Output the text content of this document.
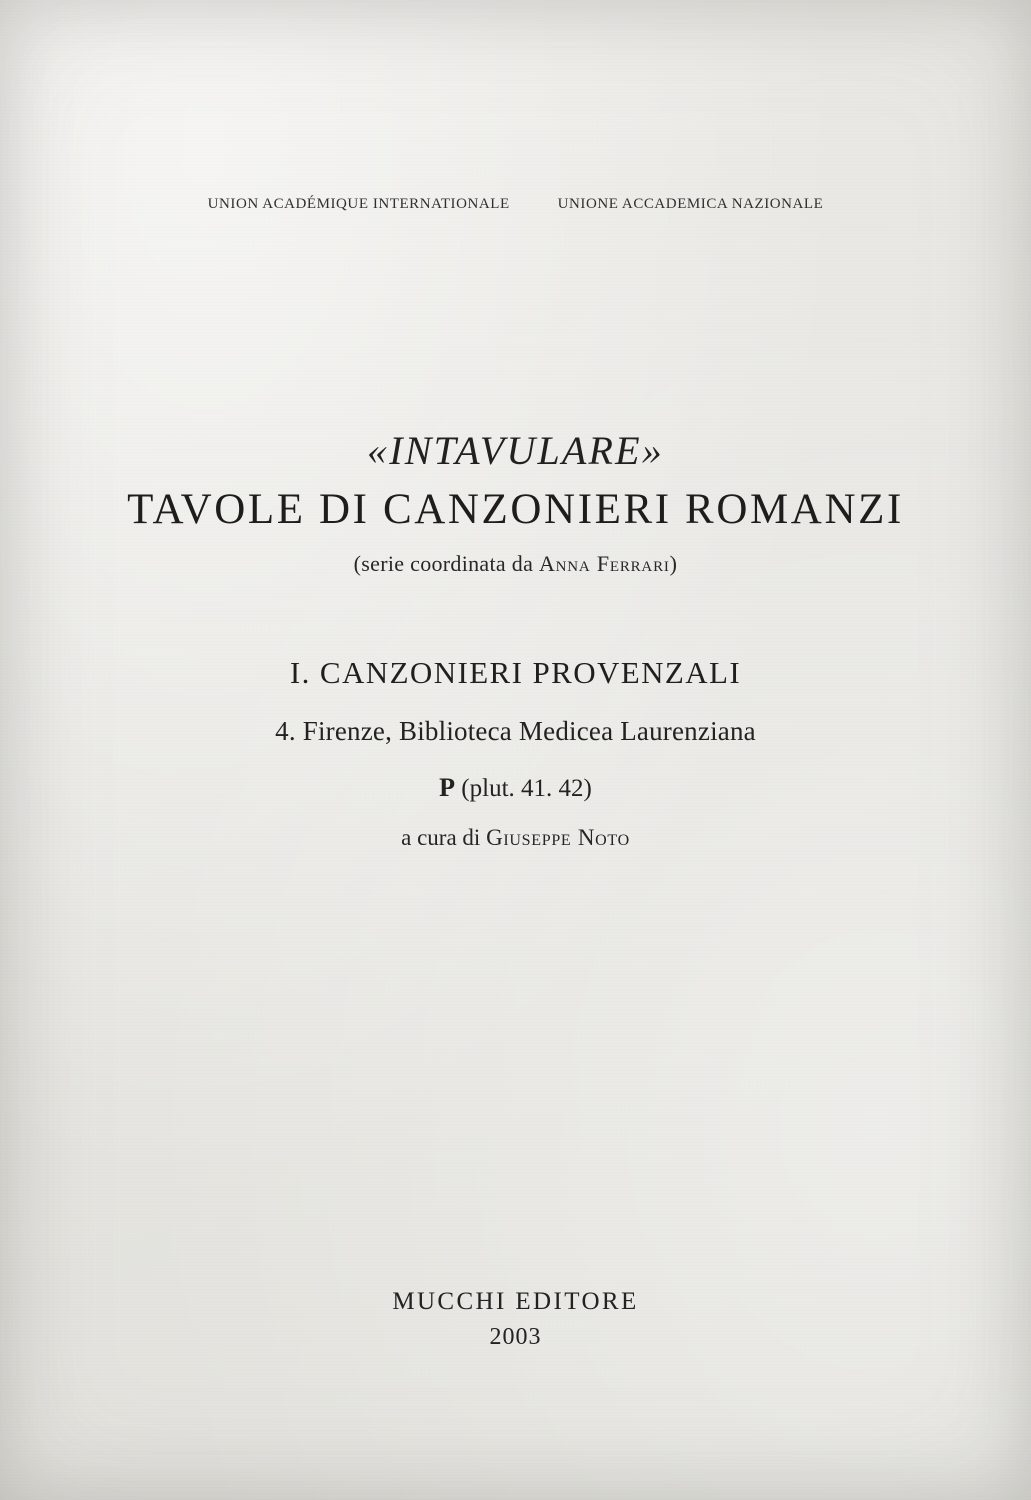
UNION ACADÉMIQUE INTERNATIONALE	UNIONE ACCADEMICA NAZIONALE
«INTAVULARE»
TAVOLE DI CANZONIERI ROMANZI
(serie coordinata da Anna Ferrari)
I. CANZONIERI PROVENZALI
4. Firenze, Biblioteca Medicea Laurenziana
P (plut. 41. 42)
a cura di Giuseppe Noto
MUCCHI EDITORE
2003
